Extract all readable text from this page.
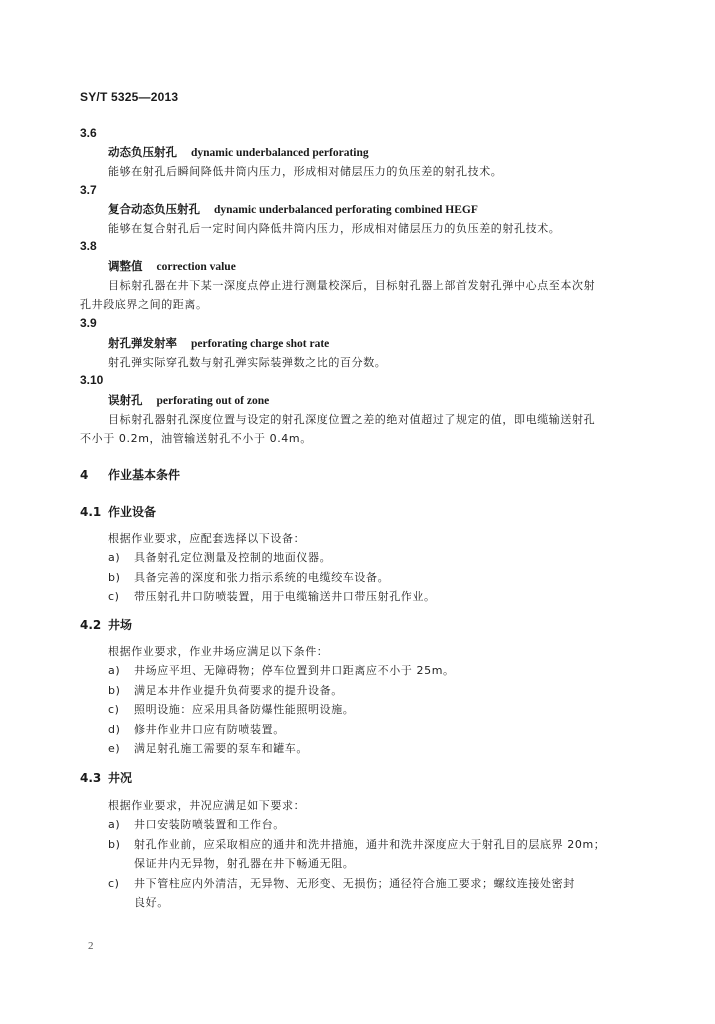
SY/T 5325—2013
3.6
动态负压射孔 dynamic underbalanced perforating
能够在射孔后瞬间降低井筒内压力，形成相对储层压力的负压差的射孔技术。
3.7
复合动态负压射孔 dynamic underbalanced perforating combined HEGF
能够在复合射孔后一定时间内降低井筒内压力，形成相对储层压力的负压差的射孔技术。
3.8
调整值 correction value
目标射孔器在井下某一深度点停止进行测量校深后，目标射孔器上部首发射孔弹中心点至本次射
孔井段底界之间的距离。
3.9
射孔弹发射率 perforating charge shot rate
射孔弹实际穿孔数与射孔弹实际装弹数之比的百分数。
3.10
误射孔 perforating out of zone
目标射孔器射孔深度位置与设定的射孔深度位置之差的绝对值超过了规定的值，即电缆输送射孔
不小于 0.2m，油管输送射孔不小于 0.4m。
4 作业基本条件
4.1 作业设备
根据作业要求，应配套选择以下设备：
a) 具备射孔定位测量及控制的地面仪器。
b) 具备完善的深度和张力指示系统的电缆绞车设备。
c) 带压射孔井口防喷装置，用于电缆输送井口带压射孔作业。
4.2 井场
根据作业要求，作业井场应满足以下条件：
a) 井场应平坦、无障碍物；停车位置到井口距离应不小于 25m。
b) 满足本井作业提升负荷要求的提升设备。
c) 照明设施：应采用具备防爆性能照明设施。
d) 修井作业井口应有防喷装置。
e) 满足射孔施工需要的泵车和罐车。
4.3 井况
根据作业要求，井况应满足如下要求：
a) 井口安装防喷装置和工作台。
b) 射孔作业前，应采取相应的通井和洗井措施，通井和洗井深度应大于射孔目的层底界 20m；
保证井内无异物，射孔器在井下畅通无阻。
c) 井下管柱应内外清洁，无异物、无形变、无损伤；通径符合施工要求；螺纹连接处密封
良好。
2
